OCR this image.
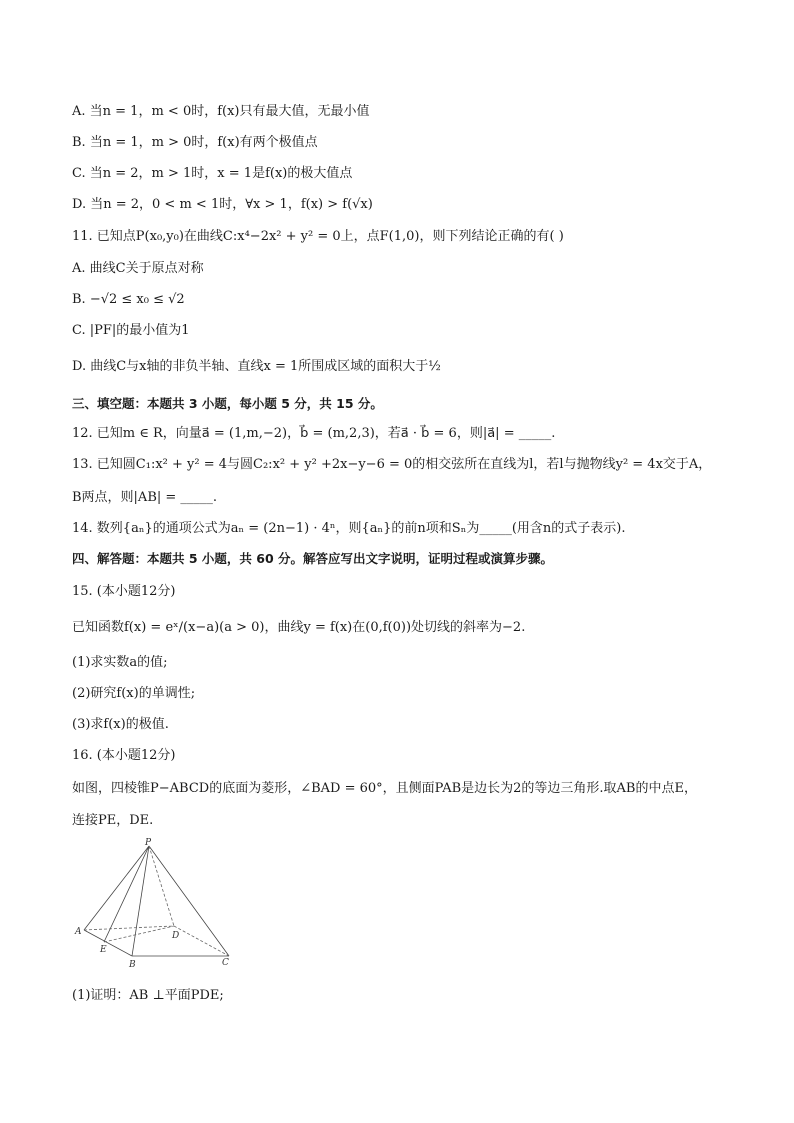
A. 当n = 1，m < 0时，f(x)只有最大值，无最小值
B. 当n = 1，m > 0时，f(x)有两个极值点
C. 当n = 2，m > 1时，x = 1是f(x)的极大值点
D. 当n = 2，0 < m < 1时，∀x > 1，f(x) > f(√x)
11. 已知点P(x₀,y₀)在曲线C:x⁴−2x² + y² = 0上，点F(1,0)，则下列结论正确的有( )
A. 曲线C关于原点对称
B. −√2 ≤ x₀ ≤ √2
C. |PF|的最小值为1
D. 曲线C与x轴的非负半轴、直线x = 1所围成区域的面积大于½
三、填空题：本题共 3 小题，每小题 5 分，共 15 分。
12. 已知m ∈ R，向量a⃗ = (1,m,−2)，b⃗ = (m,2,3)，若a⃗ · b⃗ = 6，则|a⃗| = _____.
13. 已知圆C₁:x² + y² = 4与圆C₂:x² + y² +2x−y−6 = 0的相交弦所在直线为l，若l与抛物线y² = 4x交于A，
B两点，则|AB| = _____.
14. 数列{aₙ}的通项公式为aₙ = (2n−1) · 4ⁿ，则{aₙ}的前n项和Sₙ为_____(用含n的式子表示).
四、解答题：本题共 5 小题，共 60 分。解答应写出文字说明，证明过程或演算步骤。
15. (本小题12分)
已知函数f(x) = eˣ/(x−a)(a > 0)，曲线y = f(x)在(0,f(0))处切线的斜率为−2.
(1)求实数a的值;
(2)研究f(x)的单调性;
(3)求f(x)的极值.
16. (本小题12分)
如图，四棱锥P−ABCD的底面为菱形，∠BAD = 60°，且侧面PAB是边长为2的等边三角形.取AB的中点E，
连接PE，DE.
P
A
E
B	C
D
(1)证明：AB ⊥平面PDE;
